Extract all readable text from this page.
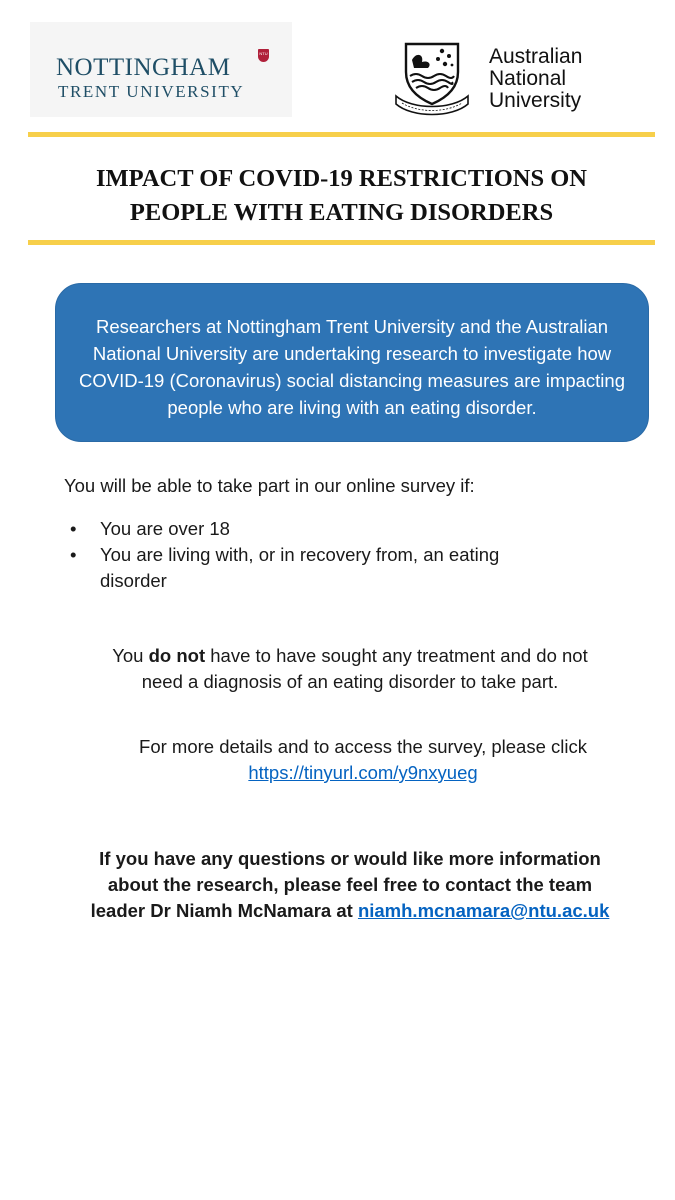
NOTTINGHAM
NTU
TRENT UNIVERSITY
Australian
National
University
IMPACT OF COVID-19 RESTRICTIONS ON
PEOPLE WITH EATING DISORDERS
Researchers at Nottingham Trent University and the Australian
National University are undertaking research to investigate how
COVID-19 (Coronavirus) social distancing measures are impacting
people who are living with an eating disorder.
You will be able to take part in our online survey if:
• You are over 18
• You are living with, or in recovery from, an eating
disorder
You do not have to have sought any treatment and do not
need a diagnosis of an eating disorder to take part.
For more details and to access the survey, please click
https://tinyurl.com/y9nxyueg
If you have any questions or would like more information
about the research, please feel free to contact the team
leader Dr Niamh McNamara at niamh.mcnamara@ntu.ac.uk
